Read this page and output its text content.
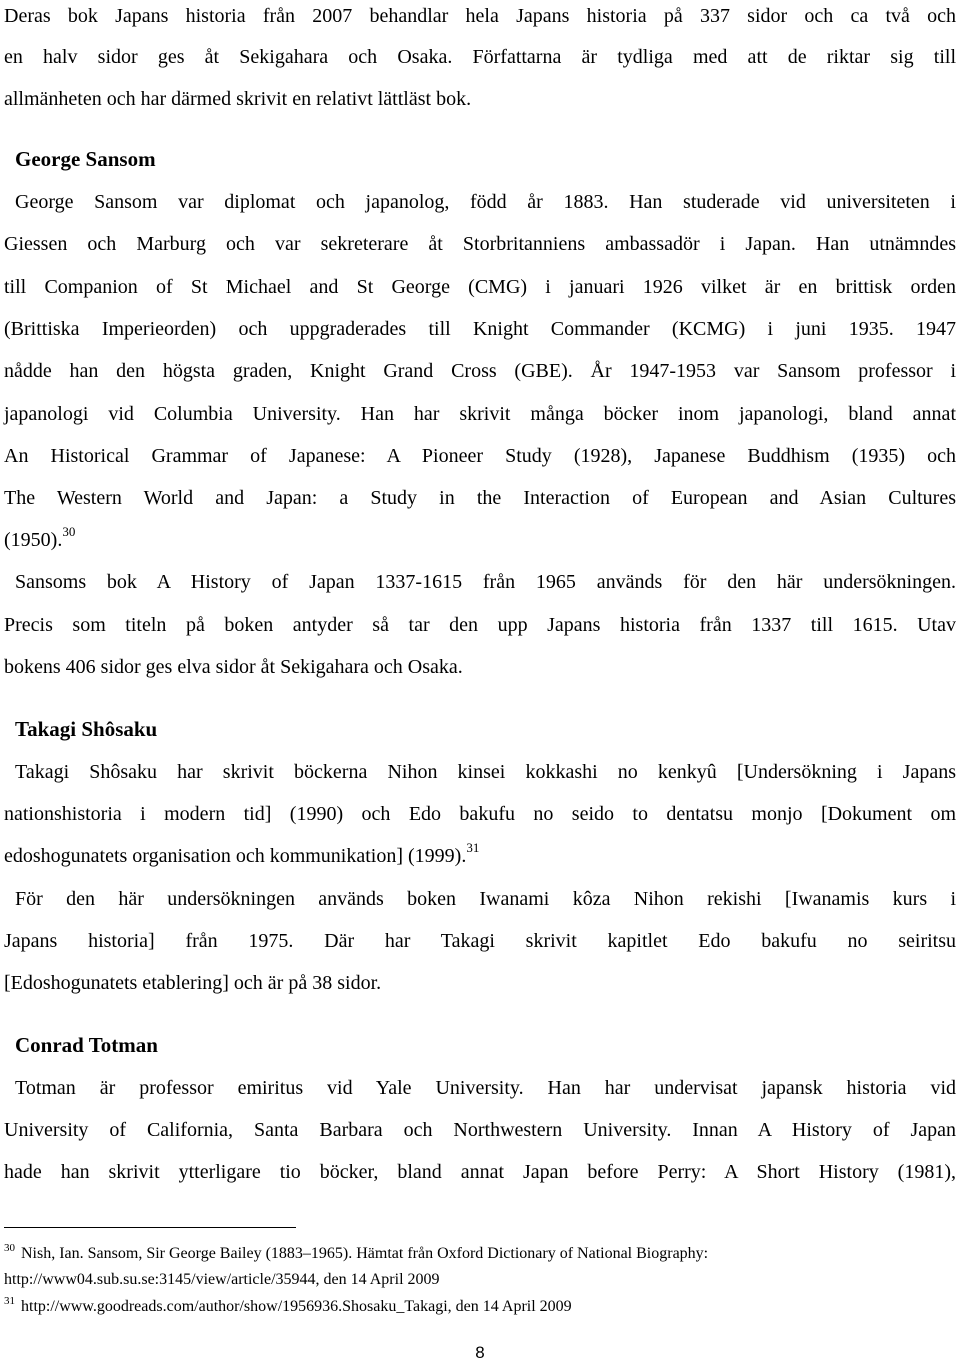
Deras bok Japans historia från 2007 behandlar hela Japans historia på 337 sidor och ca två och
en halv sidor ges åt Sekigahara och Osaka. Författarna är tydliga med att de riktar sig till
allmänheten och har därmed skrivit en relativt lättläst bok.
George Sansom
George Sansom var diplomat och japanolog, född år 1883. Han studerade vid universiteten i
Giessen och Marburg och var sekreterare åt Storbritanniens ambassadör i Japan. Han utnämndes
till Companion of St Michael and St George (CMG) i januari 1926 vilket är en brittisk orden
(Brittiska Imperieorden) och uppgraderades till Knight Commander (KCMG) i juni 1935. 1947
nådde han den högsta graden, Knight Grand Cross (GBE). År 1947-1953 var Sansom professor i
japanologi vid Columbia University. Han har skrivit många böcker inom japanologi, bland annat
An Historical Grammar of Japanese: A Pioneer Study (1928), Japanese Buddhism (1935) och
The Western World and Japan: a Study in the Interaction of European and Asian Cultures
(1950).$^{30}$
Sansoms bok A History of Japan 1337-1615 från 1965 används för den här undersökningen.
Precis som titeln på boken antyder så tar den upp Japans historia från 1337 till 1615. Utav
bokens 406 sidor ges elva sidor åt Sekigahara och Osaka.
Takagi Shôsaku
Takagi Shôsaku har skrivit böckerna Nihon kinsei kokkashi no kenkyû [Undersökning i Japans
nationshistoria i modern tid] (1990) och Edo bakufu no seido to dentatsu monjo [Dokument om
edoshogunatets organisation och kommunikation] (1999).$^{31}$
För den här undersökningen används boken Iwanami kôza Nihon rekishi [Iwanamis kurs i
Japans historia] från 1975. Där har Takagi skrivit kapitlet Edo bakufu no seiritsu
[Edoshogunatets etablering] och är på 38 sidor.
Conrad Totman
Totman är professor emiritus vid Yale University. Han har undervisat japansk historia vid
University of California, Santa Barbara och Northwestern University. Innan A History of Japan
hade han skrivit ytterligare tio böcker, bland annat Japan before Perry: A Short History (1981),
$^{30}$ Nish, Ian. Sansom, Sir George Bailey (1883–1965). Hämtat från Oxford Dictionary of National Biography:
http://www04.sub.su.se:3145/view/article/35944, den 14 April 2009
$^{31}$ http://www.goodreads.com/author/show/1956936.Shosaku_Takagi, den 14 April 2009
8
